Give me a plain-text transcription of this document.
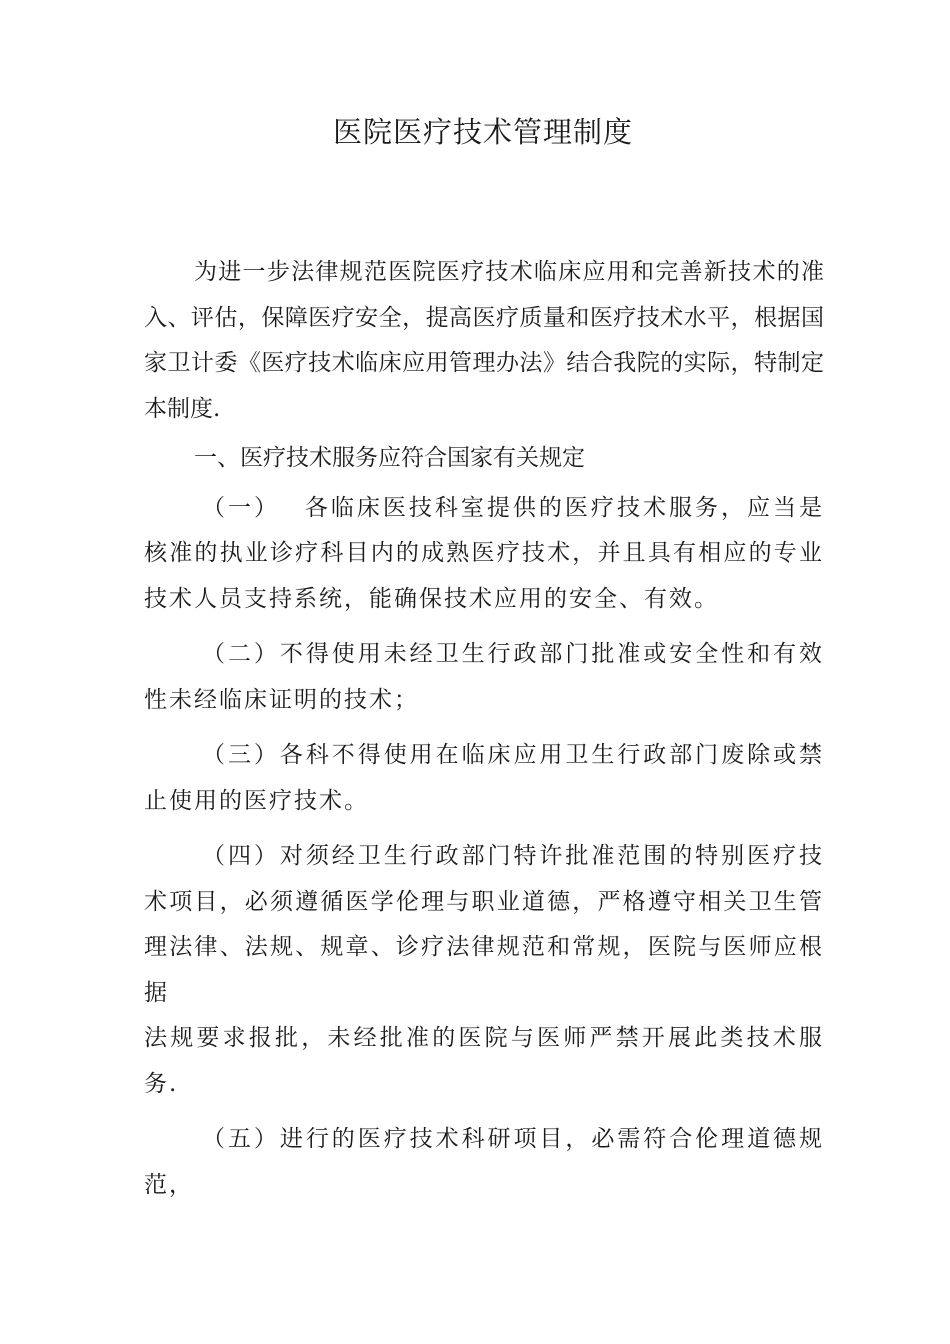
医院医疗技术管理制度

为进一步法律规范医院医疗技术临床应用和完善新技术的准入、评估，保障医疗安全，提高医疗质量和医疗技术水平，根据国家卫计委《医疗技术临床应用管理办法》结合我院的实际，特制定本制度.

一、医疗技术服务应符合国家有关规定

（一）　 各临床医技科室提供的医疗技术服务，应当是核准的执业诊疗科目内的成熟医疗技术，并且具有相应的专业技术人员支持系统，能确保技术应用的安全、有效。

（二）不得使用未经卫生行政部门批准或安全性和有效性未经临床证明的技术；

（三）各科不得使用在临床应用卫生行政部门废除或禁止使用的医疗技术。

（四）对须经卫生行政部门特许批准范围的特别医疗技术项目，必须遵循医学伦理与职业道德，严格遵守相关卫生管理法律、法规、规章、诊疗法律规范和常规，医院与医师应根据

法规要求报批，未经批准的医院与医师严禁开展此类技术服务.

（五）进行的医疗技术科研项目，必需符合伦理道德规范，
